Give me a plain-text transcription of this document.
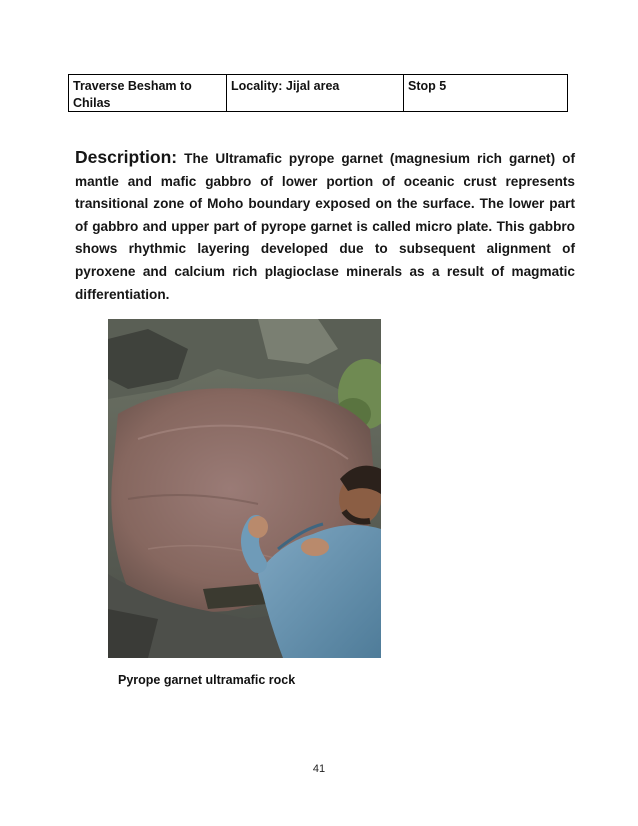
Traverse Besham to Chilas
Locality: Jijal area	Stop 5
Description: The Ultramafic pyrope garnet (magnesium rich garnet) of mantle and mafic gabbro of lower portion of oceanic crust represents transitional zone of Moho boundary exposed on the surface. The lower part of gabbro and upper part of pyrope garnet is called micro plate. This gabbro shows rhythmic layering developed due to subsequent alignment of pyroxene and calcium rich plagioclase minerals as a result of magmatic differentiation.
Pyrope garnet ultramafic rock
41
